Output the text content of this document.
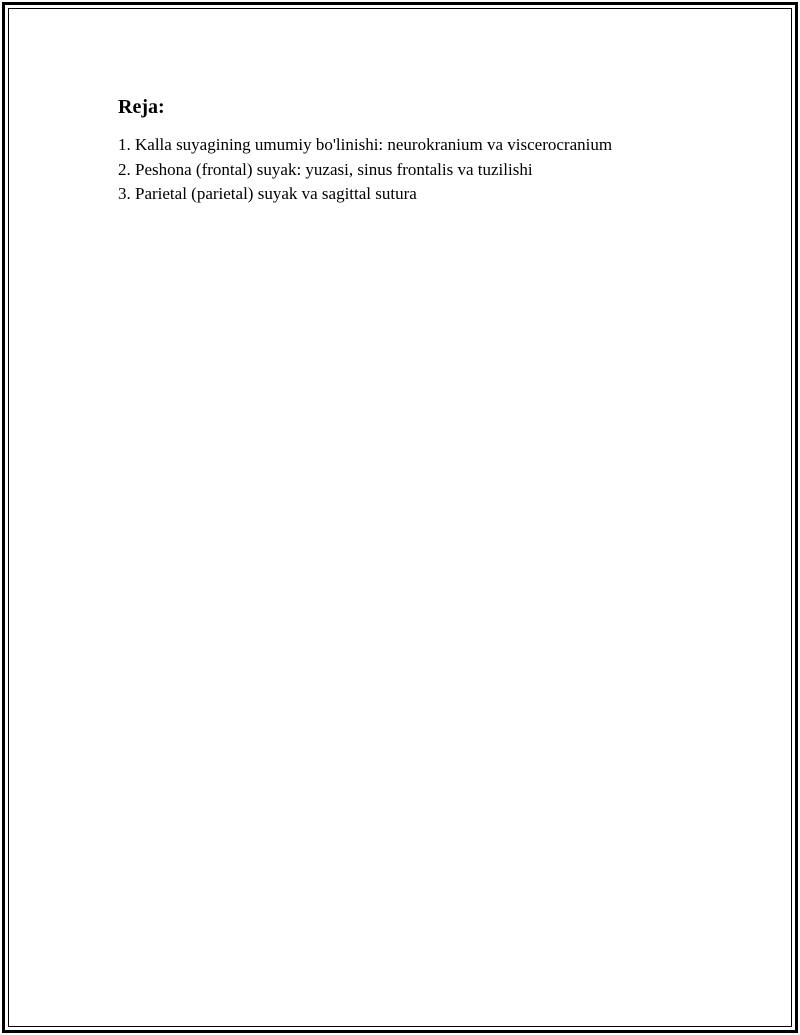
Reja:
1. Kalla suyagining umumiy bo'linishi: neurokranium va viscerocranium
2. Peshona (frontal) suyak: yuzasi, sinus frontalis va tuzilishi
3. Parietal (parietal) suyak va sagittal sutura
